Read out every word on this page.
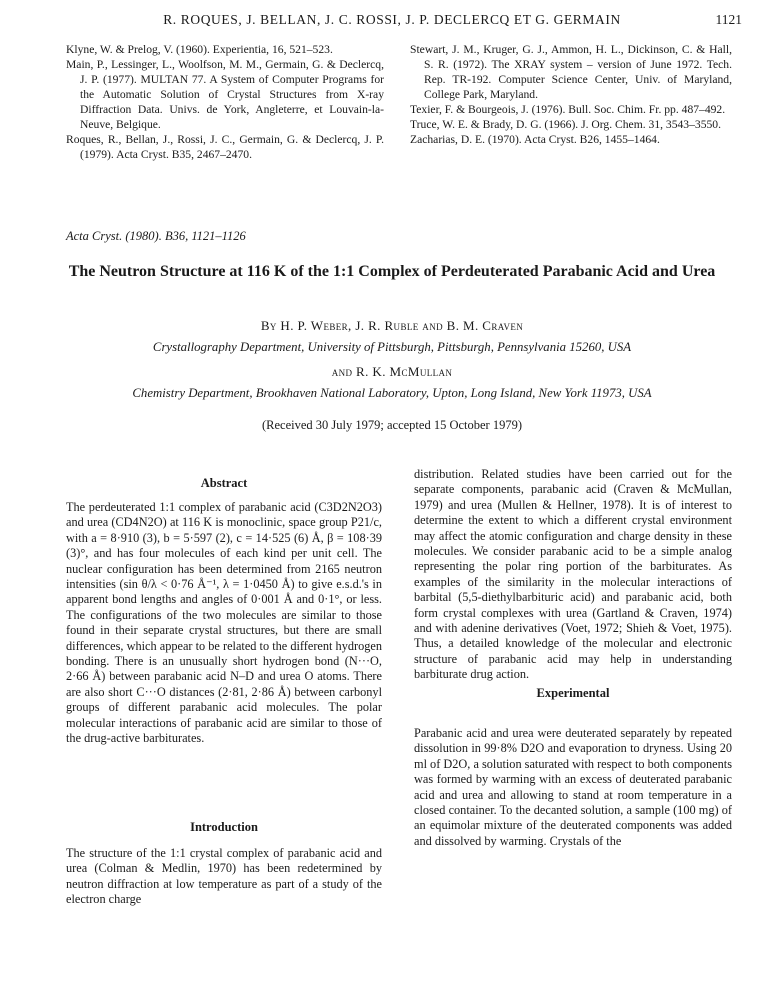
R. ROQUES, J. BELLAN, J. C. ROSSI, J. P. DECLERCQ ET G. GERMAIN	1121

Klyne, W. & Prelog, V. (1960). Experientia, 16, 521–523.

Main, P., Lessinger, L., Woolfson, M. M., Germain, G. & Declercq, J. P. (1977). MULTAN 77. A System of Computer Programs for the Automatic Solution of Crystal Structures from X-ray Diffraction Data. Univs. de York, Angleterre, et Louvain-la-Neuve, Belgique.

Roques, R., Bellan, J., Rossi, J. C., Germain, G. & Declercq, J. P. (1979). Acta Cryst. B35, 2467–2470.

Stewart, J. M., Kruger, G. J., Ammon, H. L., Dickinson, C. & Hall, S. R. (1972). The XRAY system – version of June 1972. Tech. Rep. TR-192. Computer Science Center, Univ. of Maryland, College Park, Maryland.

Texier, F. & Bourgeois, J. (1976). Bull. Soc. Chim. Fr. pp. 487–492.

Truce, W. E. & Brady, D. G. (1966). J. Org. Chem. 31, 3543–3550.

Zacharias, D. E. (1970). Acta Cryst. B26, 1455–1464.

Acta Cryst. (1980). B36, 1121–1126
The Neutron Structure at 116 K of the 1:1 Complex of Perdeuterated Parabanic Acid and Urea
By H. P. Weber, J. R. Ruble and B. M. Craven
Crystallography Department, University of Pittsburgh, Pittsburgh, Pennsylvania 15260, USA
and R. K. McMullan
Chemistry Department, Brookhaven National Laboratory, Upton, Long Island, New York 11973, USA
(Received 30 July 1979; accepted 15 October 1979)
Abstract

The perdeuterated 1:1 complex of parabanic acid (C3D2N2O3) and urea (CD4N2O) at 116 K is monoclinic, space group P21/c, with a = 8·910 (3), b = 5·597 (2), c = 14·525 (6) Å, β = 108·39 (3)°, and has four molecules of each kind per unit cell. The nuclear configuration has been determined from 2165 neutron intensities (sin θ/λ < 0·76 Å⁻¹, λ = 1·0450 Å) to give e.s.d.'s in apparent bond lengths and angles of 0·001 Å and 0·1°, or less. The configurations of the two molecules are similar to those found in their separate crystal structures, but there are small differences, which appear to be related to the different hydrogen bonding. There is an unusually short hydrogen bond (N···O, 2·66 Å) between parabanic acid N–D and urea O atoms. There are also short C···O distances (2·81, 2·86 Å) between carbonyl groups of different parabanic acid molecules. The polar molecular interactions of parabanic acid are similar to those of the drug-active barbiturates.

Introduction

The structure of the 1:1 crystal complex of parabanic acid and urea (Colman & Medlin, 1970) has been redetermined by neutron diffraction at low temperature as part of a study of the electron charge

distribution. Related studies have been carried out for the separate components, parabanic acid (Craven & McMullan, 1979) and urea (Mullen & Hellner, 1978). It is of interest to determine the extent to which a different crystal environment may affect the atomic configuration and charge density in these molecules. We consider parabanic acid to be a simple analog representing the polar ring portion of the barbiturates. As examples of the similarity in the molecular interactions of barbital (5,5-diethylbarbituric acid) and parabanic acid, both form crystal complexes with urea (Gartland & Craven, 1974) and with adenine derivatives (Voet, 1972; Shieh & Voet, 1975). Thus, a detailed knowledge of the molecular and electronic structure of parabanic acid may help in understanding barbiturate drug action.

Experimental

Parabanic acid and urea were deuterated separately by repeated dissolution in 99·8% D2O and evaporation to dryness. Using 20 ml of D2O, a solution saturated with respect to both components was formed by warming with an excess of deuterated parabanic acid and urea and allowing to stand at room temperature in a closed container. To the decanted solution, a sample (100 mg) of an equimolar mixture of the deuterated components was added and dissolved by warming. Crystals of the
